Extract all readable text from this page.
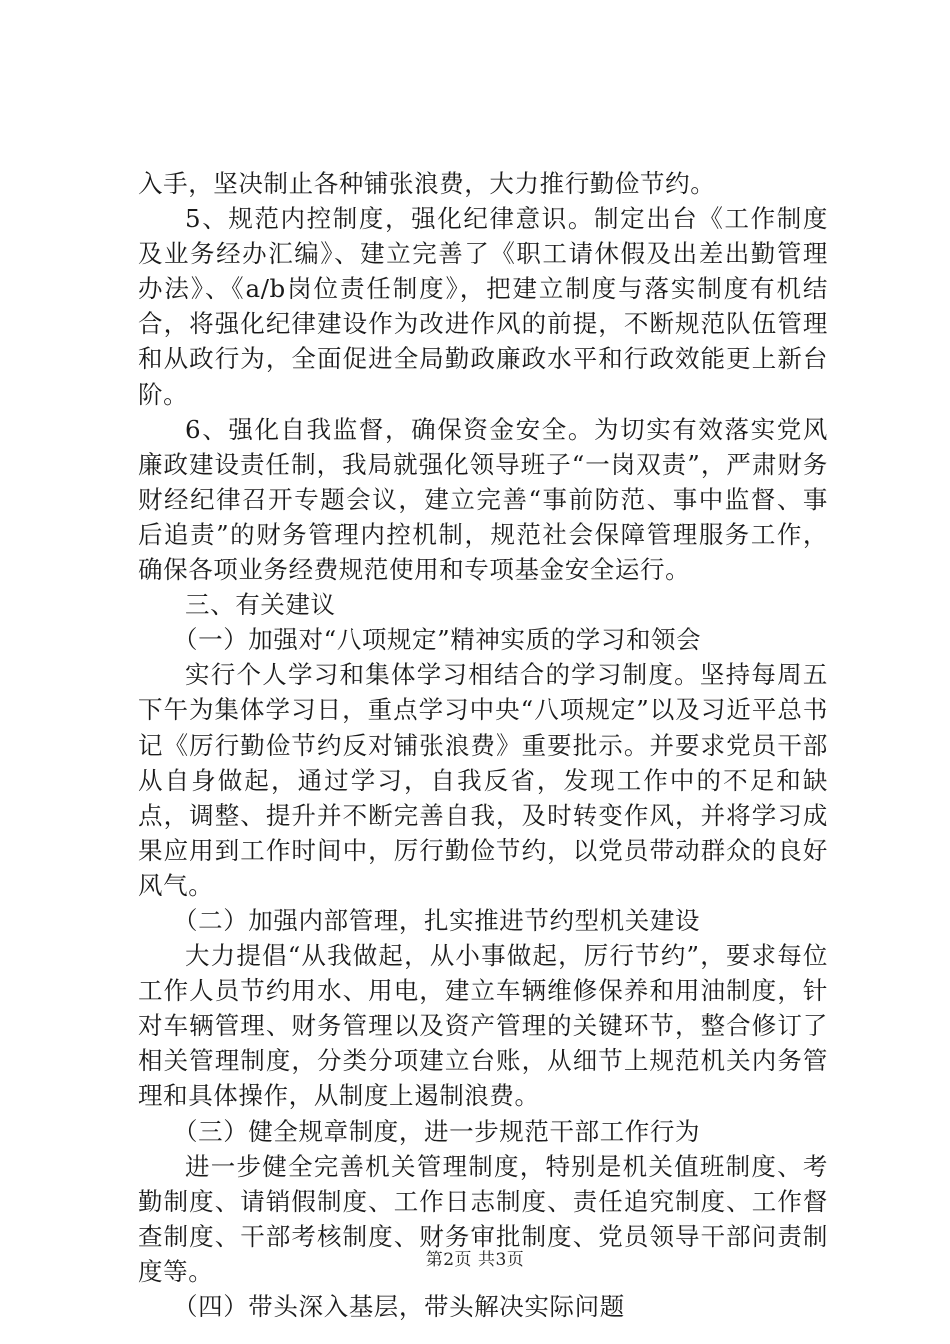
入手，坚决制止各种铺张浪费，大力推行勤俭节约。

5、规范内控制度，强化纪律意识。制定出台《工作制度及业务经办汇编》、建立完善了《职工请休假及出差出勤管理办法》、《a/b岗位责任制度》，把建立制度与落实制度有机结合，将强化纪律建设作为改进作风的前提，不断规范队伍管理和从政行为，全面促进全局勤政廉政水平和行政效能更上新台阶。

6、强化自我监督，确保资金安全。为切实有效落实党风廉政建设责任制，我局就强化领导班子“一岗双责”，严肃财务财经纪律召开专题会议，建立完善“事前防范、事中监督、事后追责”的财务管理内控机制，规范社会保障管理服务工作，确保各项业务经费规范使用和专项基金安全运行。

三、有关建议

（一）加强对“八项规定”精神实质的学习和领会

实行个人学习和集体学习相结合的学习制度。坚持每周五下午为集体学习日，重点学习中央“八项规定”以及习近平总书记《厉行勤俭节约反对铺张浪费》重要批示。并要求党员干部从自身做起，通过学习，自我反省，发现工作中的不足和缺点，调整、提升并不断完善自我，及时转变作风，并将学习成果应用到工作时间中，厉行勤俭节约，以党员带动群众的良好风气。

（二）加强内部管理，扎实推进节约型机关建设

大力提倡“从我做起，从小事做起，厉行节约”，要求每位工作人员节约用水、用电，建立车辆维修保养和用油制度，针对车辆管理、财务管理以及资产管理的关键环节，整合修订了相关管理制度，分类分项建立台账，从细节上规范机关内务管理和具体操作，从制度上遏制浪费。

（三）健全规章制度，进一步规范干部工作行为

进一步健全完善机关管理制度，特别是机关值班制度、考勤制度、请销假制度、工作日志制度、责任追究制度、工作督查制度、干部考核制度、财务审批制度、党员领导干部问责制度等。

（四）带头深入基层，带头解决实际问题

第2页 共3页
